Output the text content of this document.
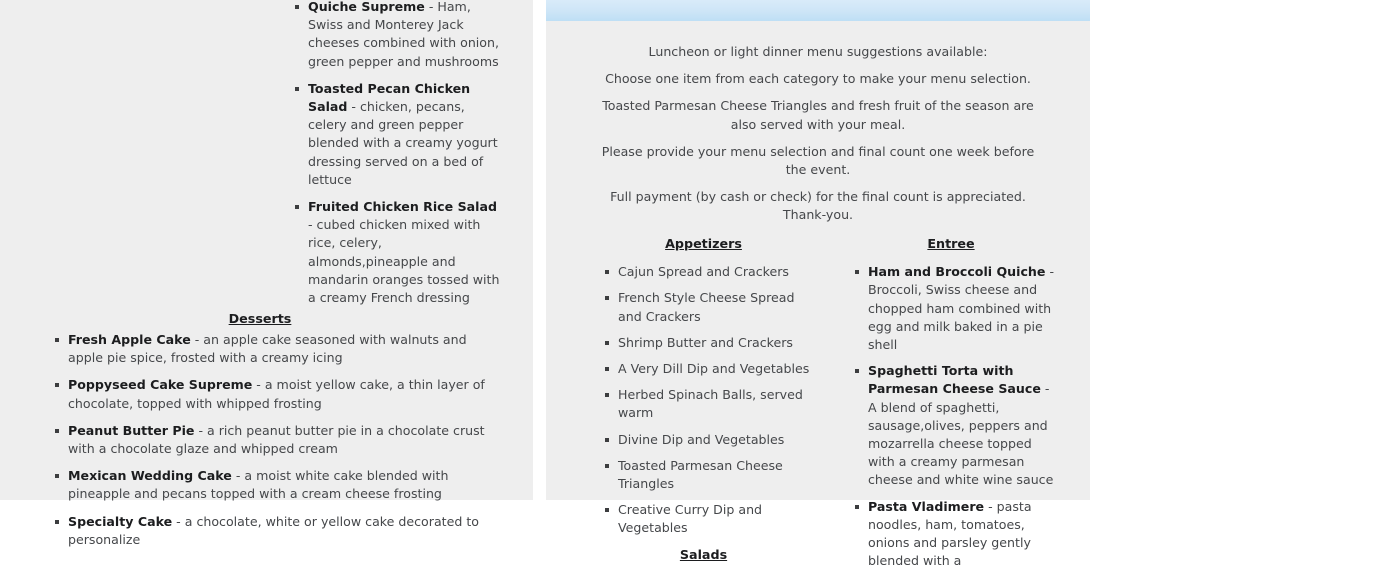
Quiche Supreme - Ham, Swiss and Monterey Jack cheeses combined with onion, green pepper and mushrooms
Toasted Pecan Chicken Salad - chicken, pecans, celery and green pepper blended with a creamy yogurt dressing served on a bed of lettuce
Fruited Chicken Rice Salad - cubed chicken mixed with rice, celery, almonds,pineapple and mandarin oranges tossed with a creamy French dressing
Desserts
Fresh Apple Cake - an apple cake seasoned with walnuts and apple pie spice, frosted with a creamy icing
Poppyseed Cake Supreme - a moist yellow cake, a thin layer of chocolate, topped with whipped frosting
Peanut Butter Pie - a rich peanut butter pie in a chocolate crust with a chocolate glaze and whipped cream
Mexican Wedding Cake - a moist white cake blended with pineapple and pecans topped with a cream cheese frosting
Specialty Cake - a chocolate, white or yellow cake decorated to personalize

Luncheon or light dinner menu suggestions available:

Choose one item from each category to make your menu selection.

Toasted Parmesan Cheese Triangles and fresh fruit of the season are also served with your meal.

Please provide your menu selection and final count one week before the event.

Full payment (by cash or check) for the final count is appreciated. Thank-you.

Appetizers
Cajun Spread and Crackers
French Style Cheese Spread and Crackers
Shrimp Butter and Crackers
A Very Dill Dip and Vegetables
Herbed Spinach Balls, served warm
Divine Dip and Vegetables
Toasted Parmesan Cheese Triangles
Creative Curry Dip and Vegetables
Salads
Entree
Ham and Broccoli Quiche - Broccoli, Swiss cheese and chopped ham combined with egg and milk baked in a pie shell
Spaghetti Torta with Parmesan Cheese Sauce - A blend of spaghetti, sausage,olives, peppers and mozarrella cheese topped with a creamy parmesan cheese and white wine sauce
Pasta Vladimere - pasta noodles, ham, tomatoes, onions and parsley gently blended with a
